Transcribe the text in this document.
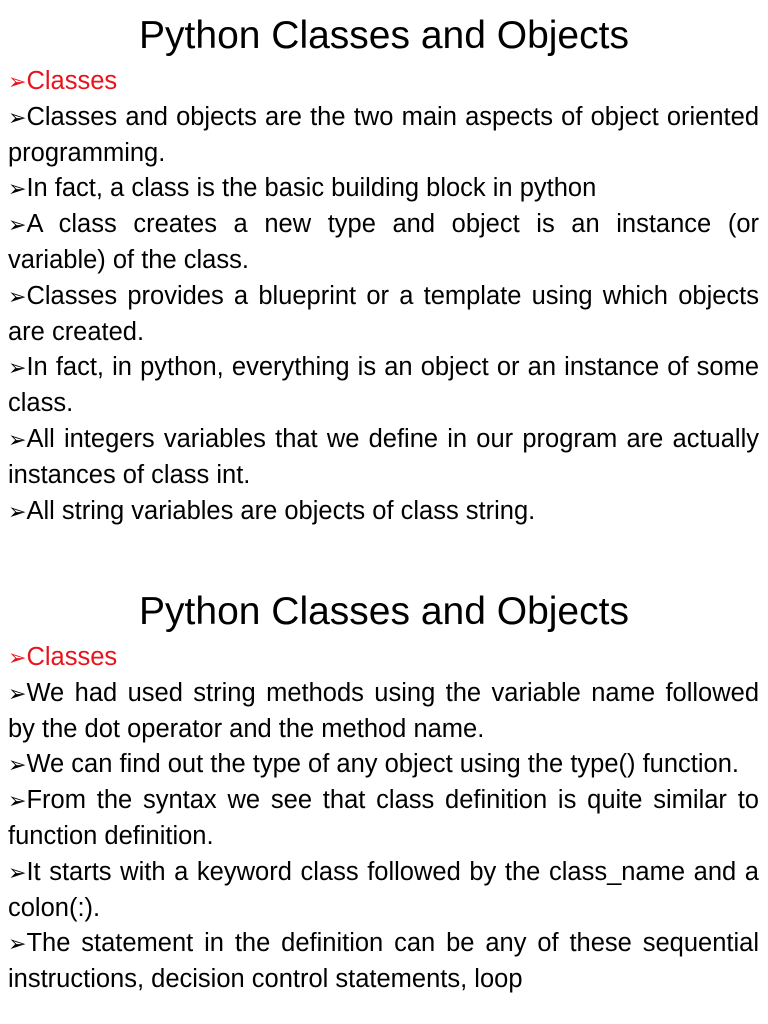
Python Classes and Objects
➢Classes
➢Classes and objects are the two main aspects of object oriented programming.
➢In fact, a class is the basic building block in python
➢A class creates a new type and object is an instance (or variable) of the class.
➢Classes provides a blueprint or a template using which objects are created.
➢In fact, in python, everything is an object or an instance of some class.
➢All integers variables that we define in our program are actually instances of class int.
➢All string variables are objects of class string.
Python Classes and Objects
➢Classes
➢We had used string methods using the variable name followed by the dot operator and the method name.
➢We can find out the type of any object using the type() function.
➢From the syntax we see that class definition is quite similar to function definition.
➢It starts with a keyword class followed by the class_name and a colon(:).
➢The statement in the definition can be any of these sequential instructions, decision control statements, loop
